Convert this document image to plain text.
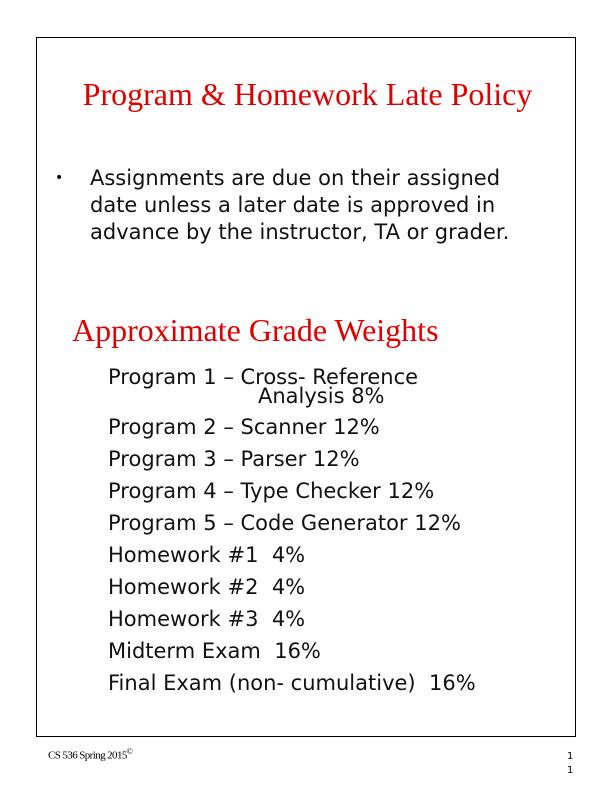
Program & Homework Late Policy
• Assignments are due on their assigned date unless a later date is approved in advance by the instructor, TA or grader.
Approximate Grade Weights
Program 1 – Cross- Reference
Analysis 8%
Program 2 – Scanner 12%
Program 3 – Parser 12%
Program 4 – Type Checker 12%
Program 5 – Code Generator 12%
Homework #1  4%
Homework #2  4%
Homework #3  4%
Midterm Exam  16%
Final Exam (non- cumulative)  16%
CS 536 Spring 2015©	1
1
